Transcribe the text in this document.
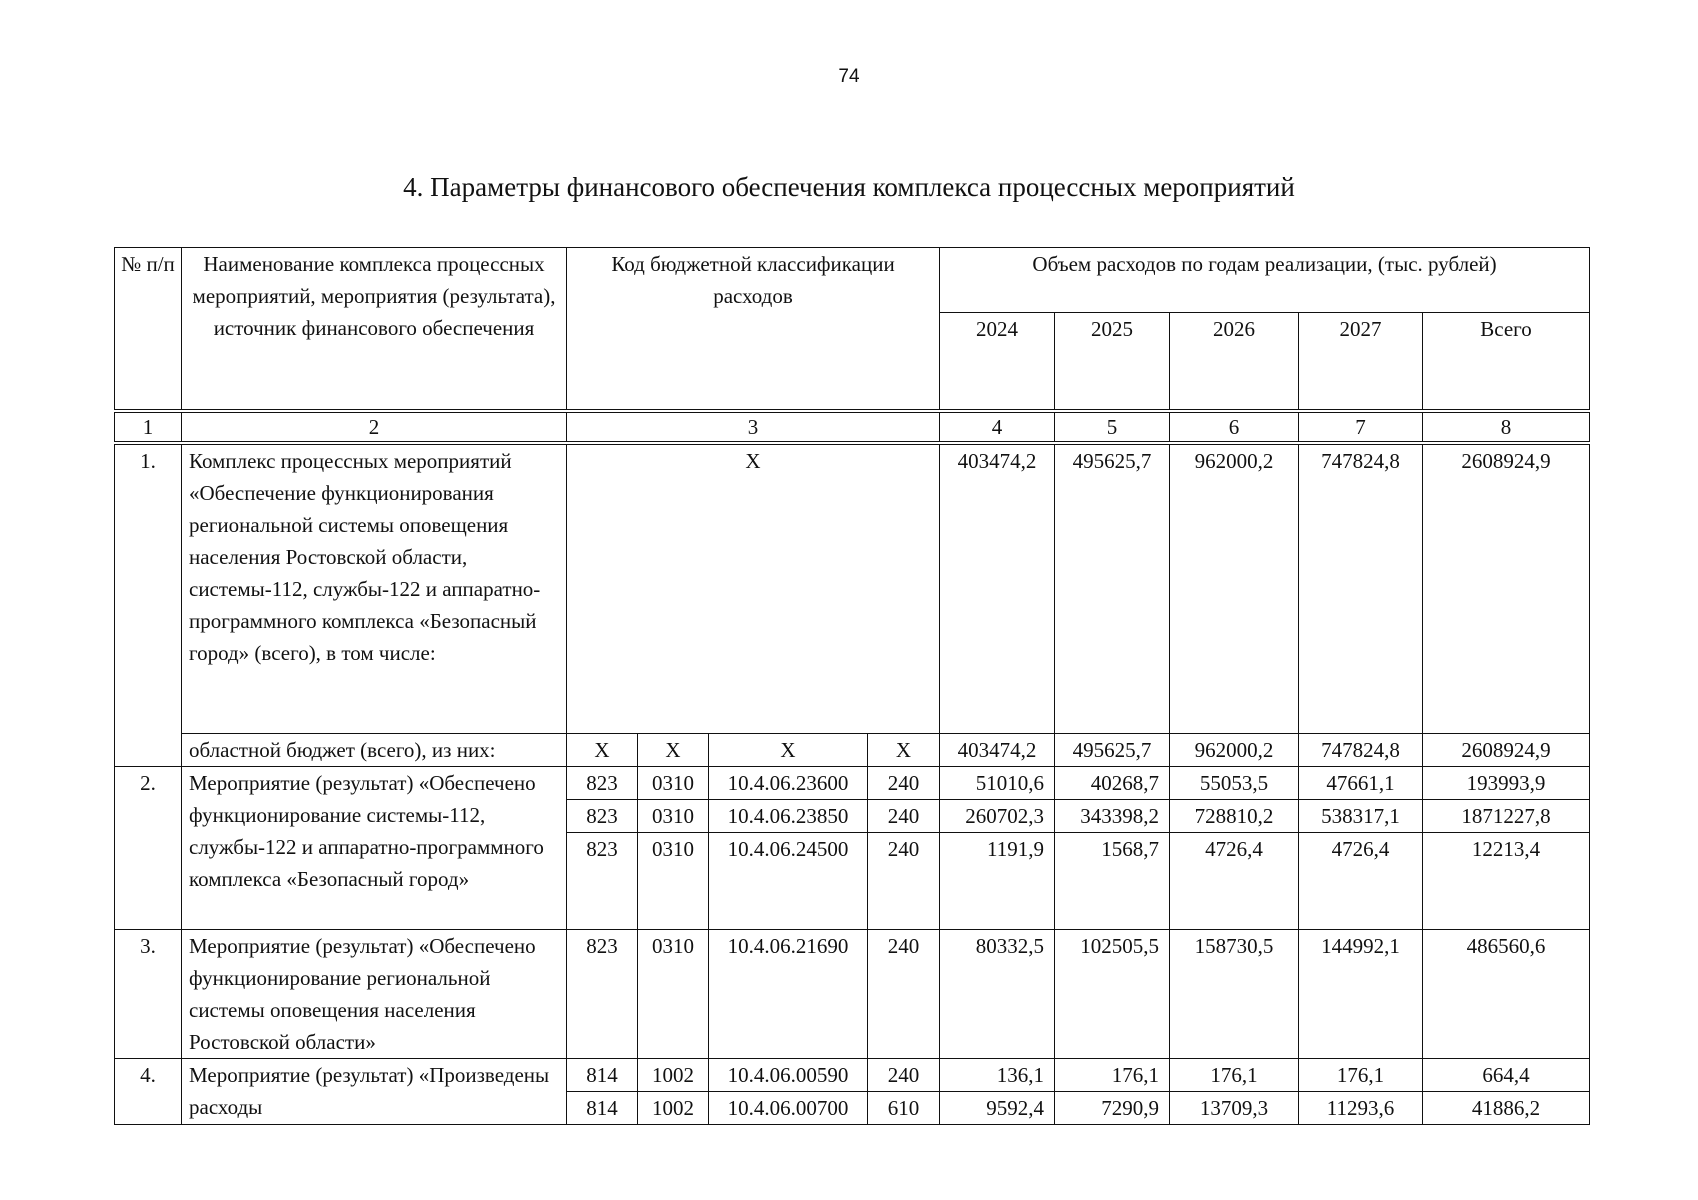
74
4. Параметры финансового обеспечения комплекса процессных мероприятий
№ п/п	Наименование комплекса процессных мероприятий, мероприятия (результата), источник финансового обеспечения	Код бюджетной классификации расходов				Объем расходов по годам реализации, (тыс. рублей)				
						2024	2025	2026	2027	Всего
1	2	3				4	5	6	7	8
1.	Комплекс процессных мероприятий «Обеспечение функционирования региональной системы оповещения населения Ростовской области, системы-112, службы-122 и аппаратно-программного комплекса «Безопасный город» (всего), в том числе:	X				403474,2	495625,7	962000,2	747824,8	2608924,9
	областной бюджет (всего), из них:	X	X	X	X	403474,2	495625,7	962000,2	747824,8	2608924,9
2.	Мероприятие (результат) «Обеспечено функционирование системы-112, службы-122 и аппаратно-программного комплекса «Безопасный город»	823	0310	10.4.06.23600	240	51010,6	40268,7	55053,5	47661,1	193993,9
		823	0310	10.4.06.23850	240	260702,3	343398,2	728810,2	538317,1	1871227,8
		823	0310	10.4.06.24500	240	1191,9	1568,7	4726,4	4726,4	12213,4
3.	Мероприятие (результат) «Обеспечено функционирование региональной системы оповещения населения Ростовской области»	823	0310	10.4.06.21690	240	80332,5	102505,5	158730,5	144992,1	486560,6
4.	Мероприятие (результат) «Произведены расходы	814	1002	10.4.06.00590	240	136,1	176,1	176,1	176,1	664,4
		814	1002	10.4.06.00700	610	9592,4	7290,9	13709,3	11293,6	41886,2
